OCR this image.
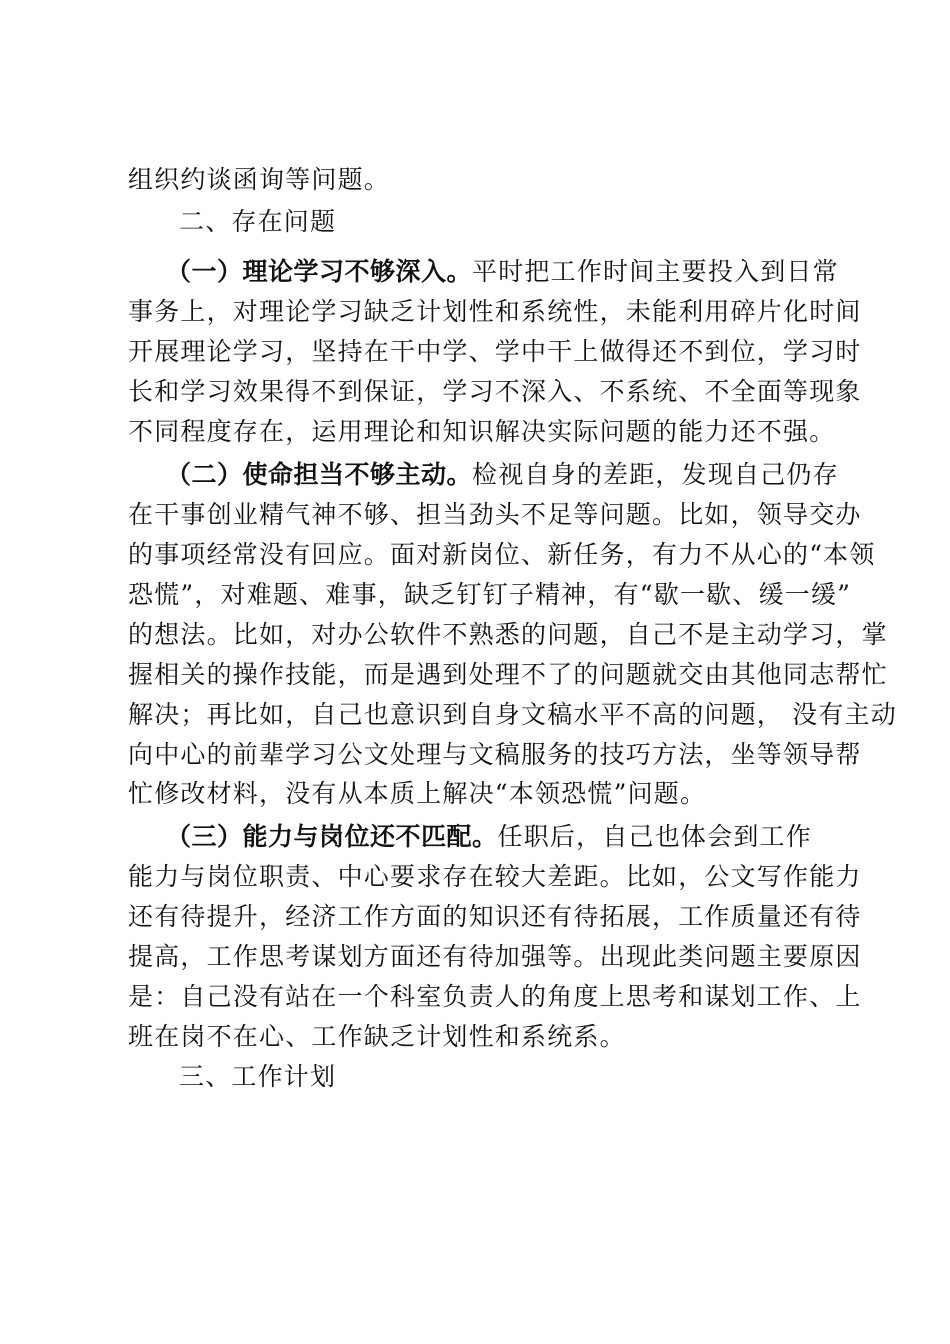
组织约谈函询等问题。
二、存在问题
（一）理论学习不够深入。平时把工作时间主要投入到日常
事务上，对理论学习缺乏计划性和系统性，未能利用碎片化时间
开展理论学习，坚持在干中学、学中干上做得还不到位，学习时
长和学习效果得不到保证，学习不深入、不系统、不全面等现象
不同程度存在，运用理论和知识解决实际问题的能力还不强。
（二）使命担当不够主动。检视自身的差距，发现自己仍存
在干事创业精气神不够、担当劲头不足等问题。比如，领导交办
的事项经常没有回应。面对新岗位、新任务，有力不从心的“本领
恐慌”，对难题、难事，缺乏钉钉子精神，有“歇一歇、缓一缓”
的想法。比如，对办公软件不熟悉的问题，自己不是主动学习，掌
握相关的操作技能，而是遇到处理不了的问题就交由其他同志帮忙
解决；再比如，自己也意识到自身文稿水平不高的问题， 没有主动
向中心的前辈学习公文处理与文稿服务的技巧方法，坐等领导帮
忙修改材料，没有从本质上解决“本领恐慌”问题。
（三）能力与岗位还不匹配。任职后，自己也体会到工作
能力与岗位职责、中心要求存在较大差距。比如，公文写作能力
还有待提升，经济工作方面的知识还有待拓展，工作质量还有待
提高，工作思考谋划方面还有待加强等。出现此类问题主要原因
是：自己没有站在一个科室负责人的角度上思考和谋划工作、上
班在岗不在心、工作缺乏计划性和系统系。
三、工作计划
